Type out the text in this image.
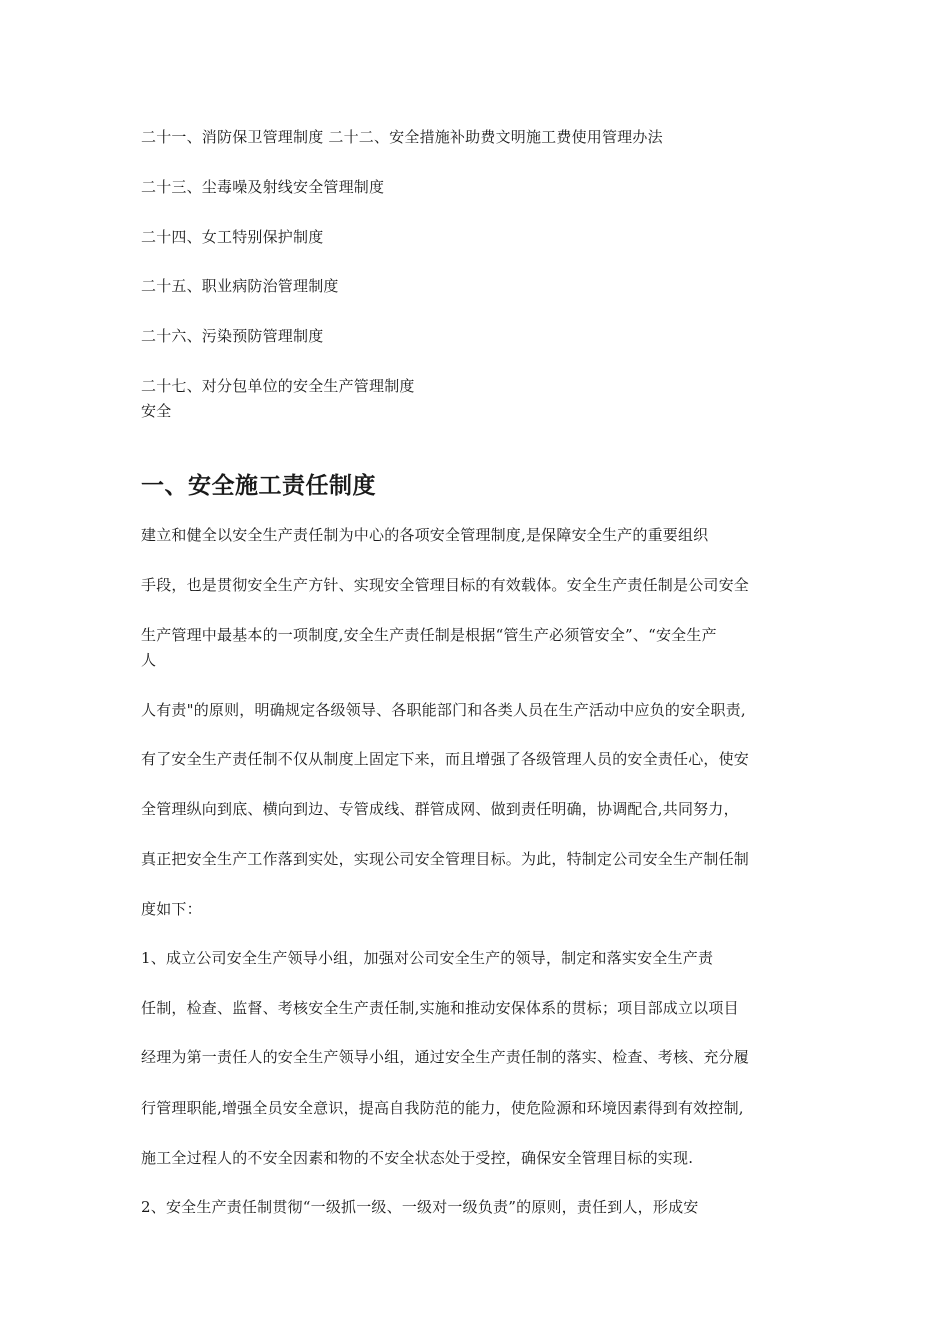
二十一、消防保卫管理制度 二十二、安全措施补助费文明施工费使用管理办法
二十三、尘毒噪及射线安全管理制度
二十四、女工特别保护制度
二十五、职业病防治管理制度
二十六、污染预防管理制度
二十七、对分包单位的安全生产管理制度
安全
一、安全施工责任制度
建立和健全以安全生产责任制为中心的各项安全管理制度,是保障安全生产的重要组织
手段，也是贯彻安全生产方针、实现安全管理目标的有效载体。安全生产责任制是公司安全
生产管理中最基本的一项制度,安全生产责任制是根据“管生产必须管安全”、“安全生产
人
人有责"的原则，明确规定各级领导、各职能部门和各类人员在生产活动中应负的安全职责,
有了安全生产责任制不仅从制度上固定下来，而且增强了各级管理人员的安全责任心，使安
全管理纵向到底、横向到边、专管成线、群管成网、做到责任明确，协调配合,共同努力，
真正把安全生产工作落到实处，实现公司安全管理目标。为此，特制定公司安全生产制任制
度如下：
1、成立公司安全生产领导小组，加强对公司安全生产的领导，制定和落实安全生产责
任制，检查、监督、考核安全生产责任制,实施和推动安保体系的贯标；项目部成立以项目
经理为第一责任人的安全生产领导小组，通过安全生产责任制的落实、检查、考核、充分履
行管理职能,增强全员安全意识，提高自我防范的能力，使危险源和环境因素得到有效控制,
施工全过程人的不安全因素和物的不安全状态处于受控，确保安全管理目标的实现.
2、安全生产责任制贯彻“一级抓一级、一级对一级负责”的原则，责任到人，形成安
